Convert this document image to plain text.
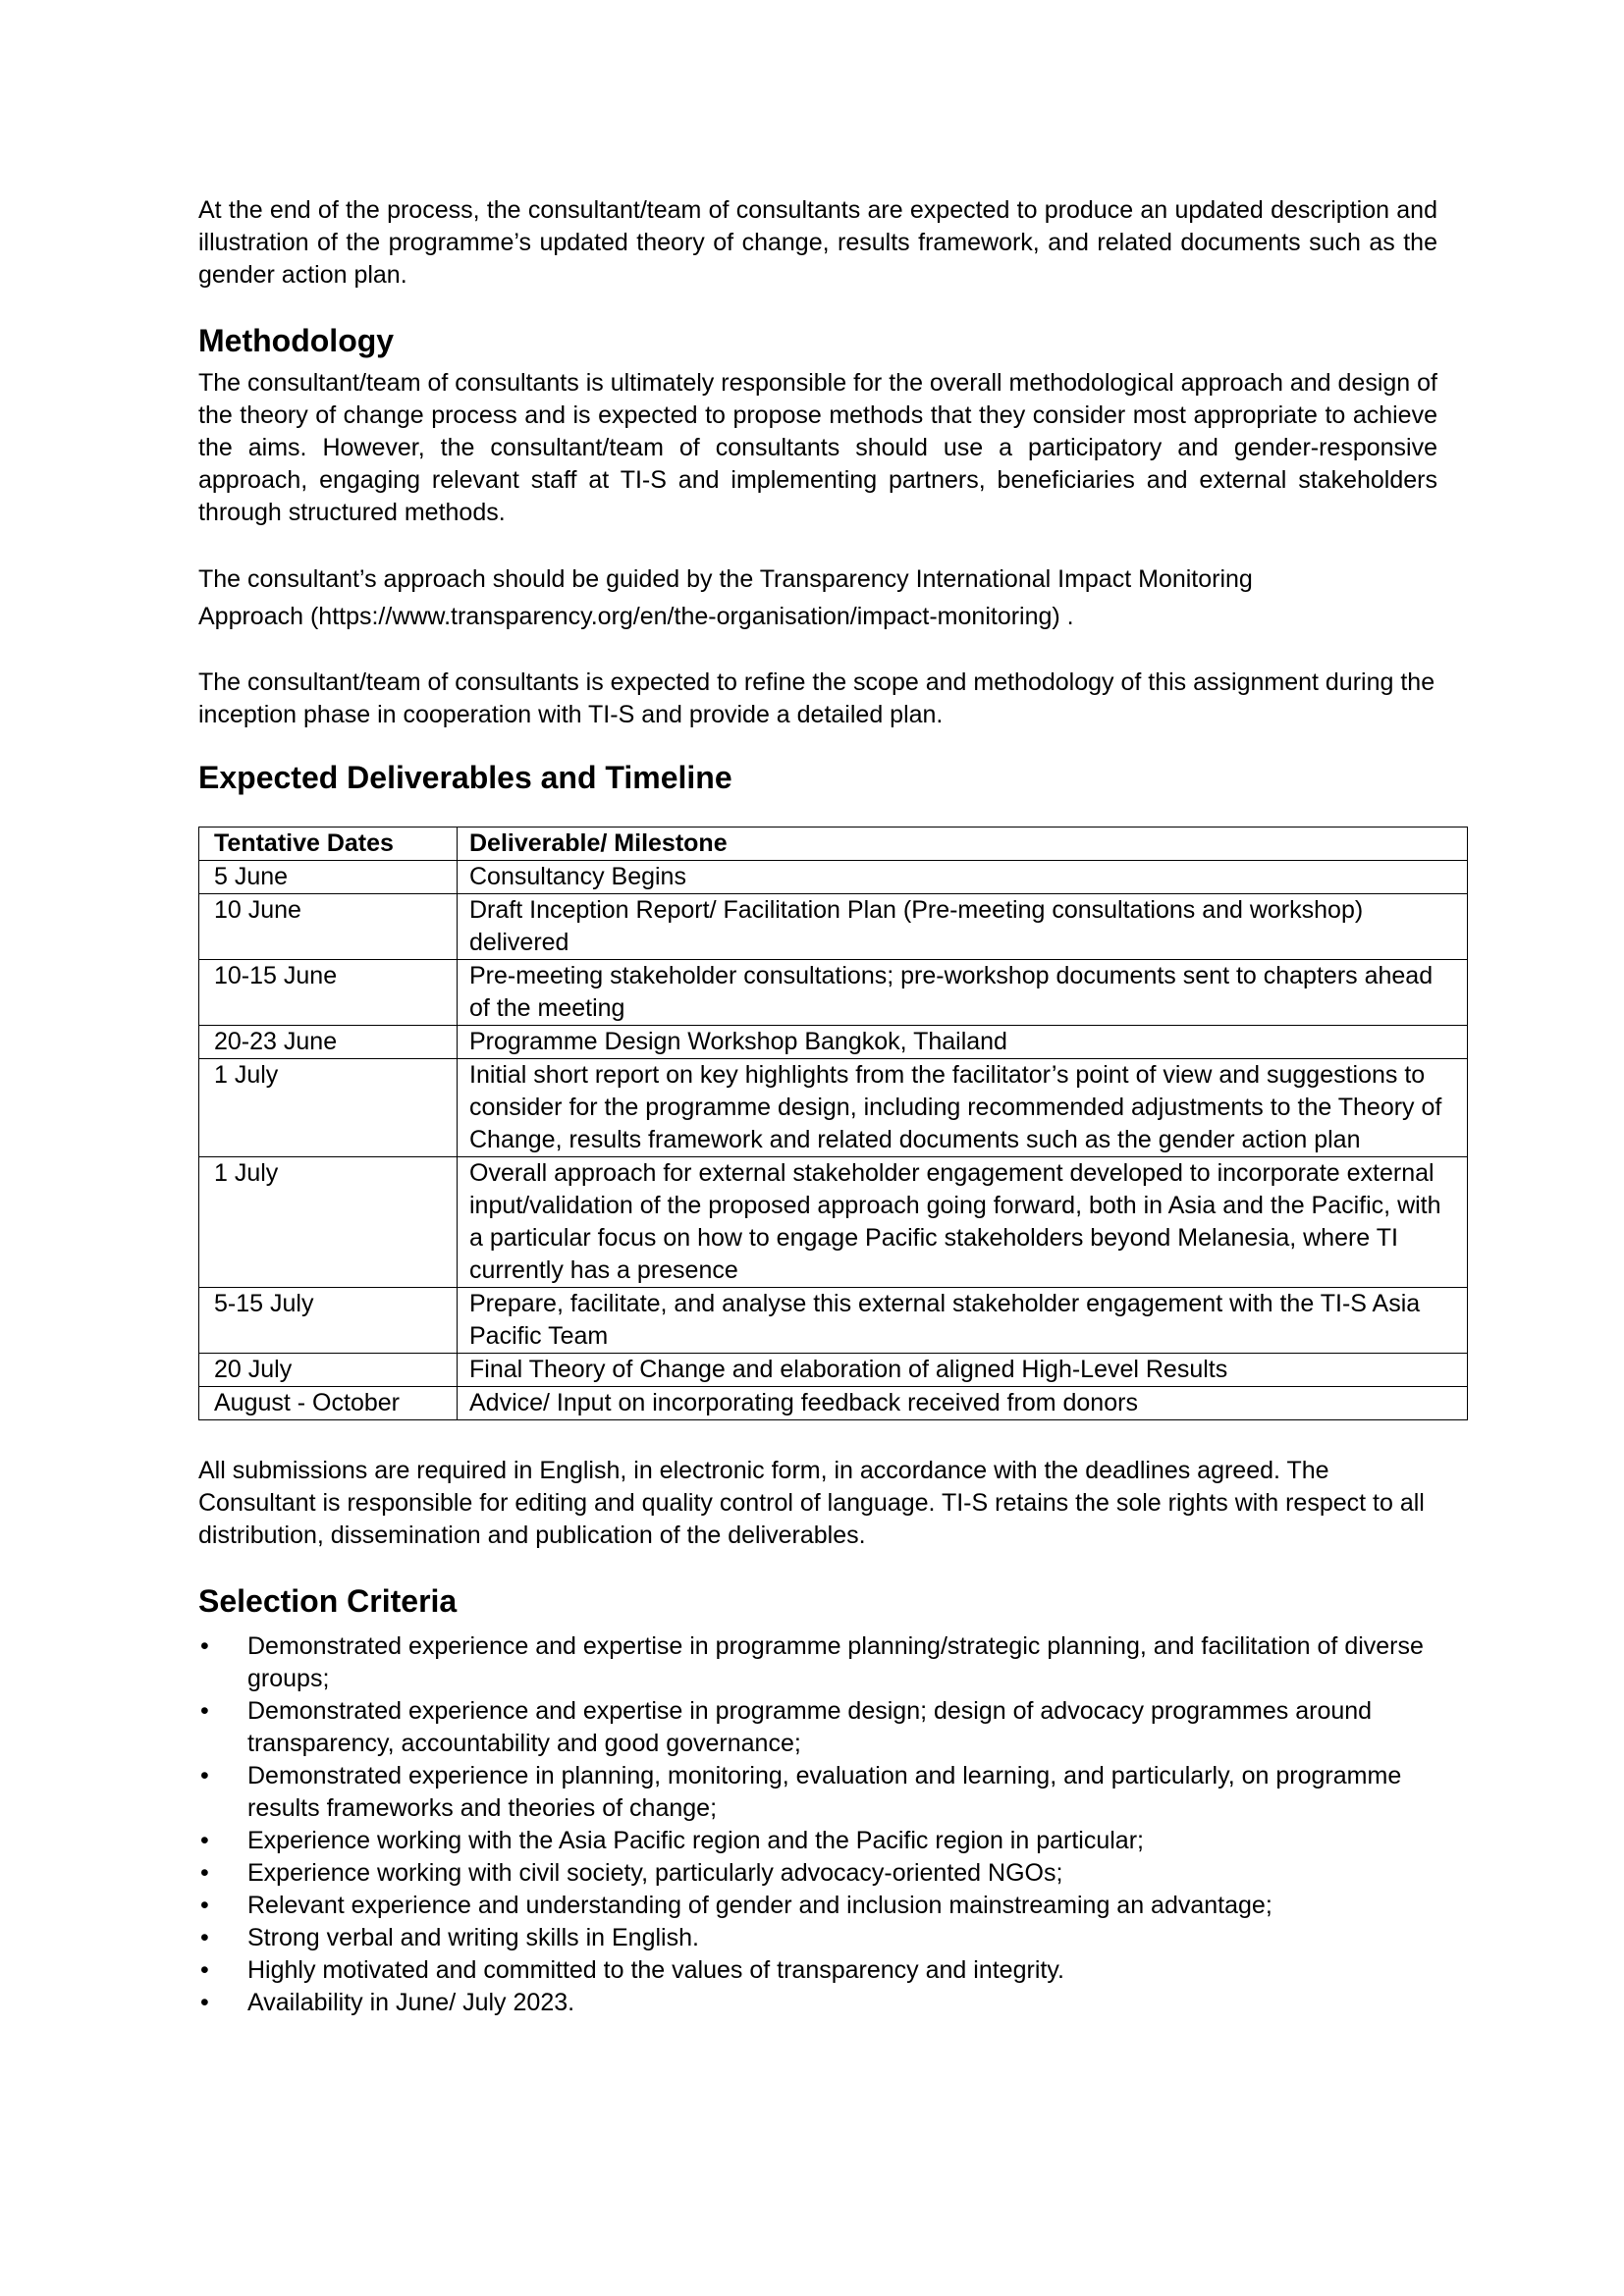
At the end of the process, the consultant/team of consultants are expected to produce an updated description and illustration of the programme’s updated theory of change, results framework, and related documents such as the gender action plan.

Methodology

The consultant/team of consultants is ultimately responsible for the overall methodological approach and design of the theory of change process and is expected to propose methods that they consider most appropriate to achieve the aims. However, the consultant/team of consultants should use a participatory and gender-responsive approach, engaging relevant staff at TI-S and implementing partners, beneficiaries and external stakeholders through structured methods.

The consultant’s approach should be guided by the Transparency International Impact Monitoring
Approach (https://www.transparency.org/en/the-organisation/impact-monitoring) .

The consultant/team of consultants is expected to refine the scope and methodology of this assignment during the inception phase in cooperation with TI-S and provide a detailed plan.

Expected Deliverables and Timeline
Tentative Dates	Deliverable/ Milestone
5 June	Consultancy Begins
10 June	Draft Inception Report/ Facilitation Plan (Pre-meeting consultations and workshop) delivered
10-15 June	Pre-meeting stakeholder consultations; pre-workshop documents sent to chapters ahead of the meeting
20-23 June	Programme Design Workshop Bangkok, Thailand
1 July	Initial short report on key highlights from the facilitator’s point of view and suggestions to consider for the programme design, including recommended adjustments to the Theory of Change, results framework and related documents such as the gender action plan
1 July	Overall approach for external stakeholder engagement developed to incorporate external input/validation of the proposed approach going forward, both in Asia and the Pacific, with a particular focus on how to engage Pacific stakeholders beyond Melanesia, where TI currently has a presence
5-15 July	Prepare, facilitate, and analyse this external stakeholder engagement with the TI-S Asia Pacific Team
20 July	Final Theory of Change and elaboration of aligned High-Level Results
August - October	Advice/ Input on incorporating feedback received from donors

All submissions are required in English, in electronic form, in accordance with the deadlines agreed. The Consultant is responsible for editing and quality control of language. TI-S retains the sole rights with respect to all distribution, dissemination and publication of the deliverables.

Selection Criteria
•	Demonstrated experience and expertise in programme planning/strategic planning, and facilitation of diverse groups;
•	Demonstrated experience and expertise in programme design; design of advocacy programmes around transparency, accountability and good governance;
•	Demonstrated experience in planning, monitoring, evaluation and learning, and particularly, on programme results frameworks and theories of change;
•	Experience working with the Asia Pacific region and the Pacific region in particular;
•	Experience working with civil society, particularly advocacy-oriented NGOs;
•	Relevant experience and understanding of gender and inclusion mainstreaming an advantage;
•	Strong verbal and writing skills in English.
•	Highly motivated and committed to the values of transparency and integrity.
•	Availability in June/ July 2023.
